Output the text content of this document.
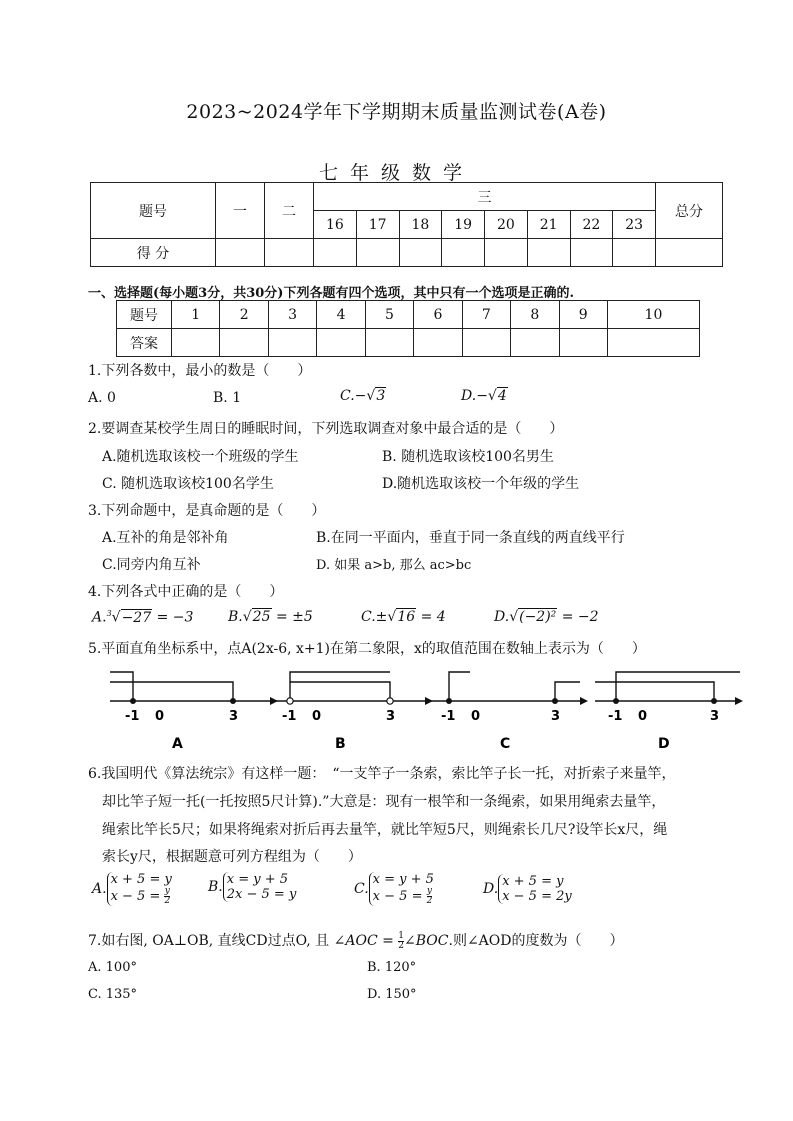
2023~2024学年下学期期末质量监测试卷(A卷)
七年级数学
题号	一	二	三								总分
			16	17	18	19	20	21	22	23	
得 分											
一、选择题(每小题3分，共30分)下列各题有四个选项，其中只有一个选项是正确的.
题号	1	2	3	4	5	6	7	8	9	10
答案										
1.下列各数中，最小的数是（　　）
A. 0	B. 1	C.−√3	D.−√4
2.要调查某校学生周日的睡眠时间，下列选取调查对象中最合适的是（　　）
A.随机选取该校一个班级的学生	B. 随机选取该校100名男生
C. 随机选取该校100名学生	D.随机选取该校一个年级的学生
3.下列命题中，是真命题的是（　　）
A.互补的角是邻补角	B.在同一平面内，垂直于同一条直线的两直线平行
C.同旁内角互补	D. 如果 a>b, 那么 ac>bc
4.下列各式中正确的是（　　）
A.$^3$√−27 = −3 B.√25 = ±5	C.±√16 = 4	D.√(−2)² = −2
5.平面直角坐标系中，点A(2x-6, x+1)在第二象限，x的取值范围在数轴上表示为（　　）
-1 0	3
A
-1 0	3
B
-1 0	3
C
-1 0	3
D
6.我国明代《算法统宗》有这样一题：　“一支竿子一条索，索比竿子长一托，对折索子来量竿，
却比竿子短一托(一托按照5尺计算).”大意是：现有一根竿和一条绳索，如果用绳索去量竿，
绳索比竿长5尺；如果将绳索对折后再去量竿，就比竿短5尺，则绳索长几尺?设竿长x尺，绳
索长y尺，根据题意可列方程组为（　　）
A.x + 5 = y
$x - 5 = \frac{y}{2}$	B. x = y + 5
2x − 5 = y	C.x = y + 5
$x - 5 = \frac{y}{2}$	D. x + 5 = y
x − 5 = 2y
7.如右图, OA⊥OB, 直线CD过点O, 且 ∠AOC = $\frac{1}{2}$ ∠BOC.则∠AOD的度数为（　　）
A. 100°	B. 120°
C. 135°	D. 150°
